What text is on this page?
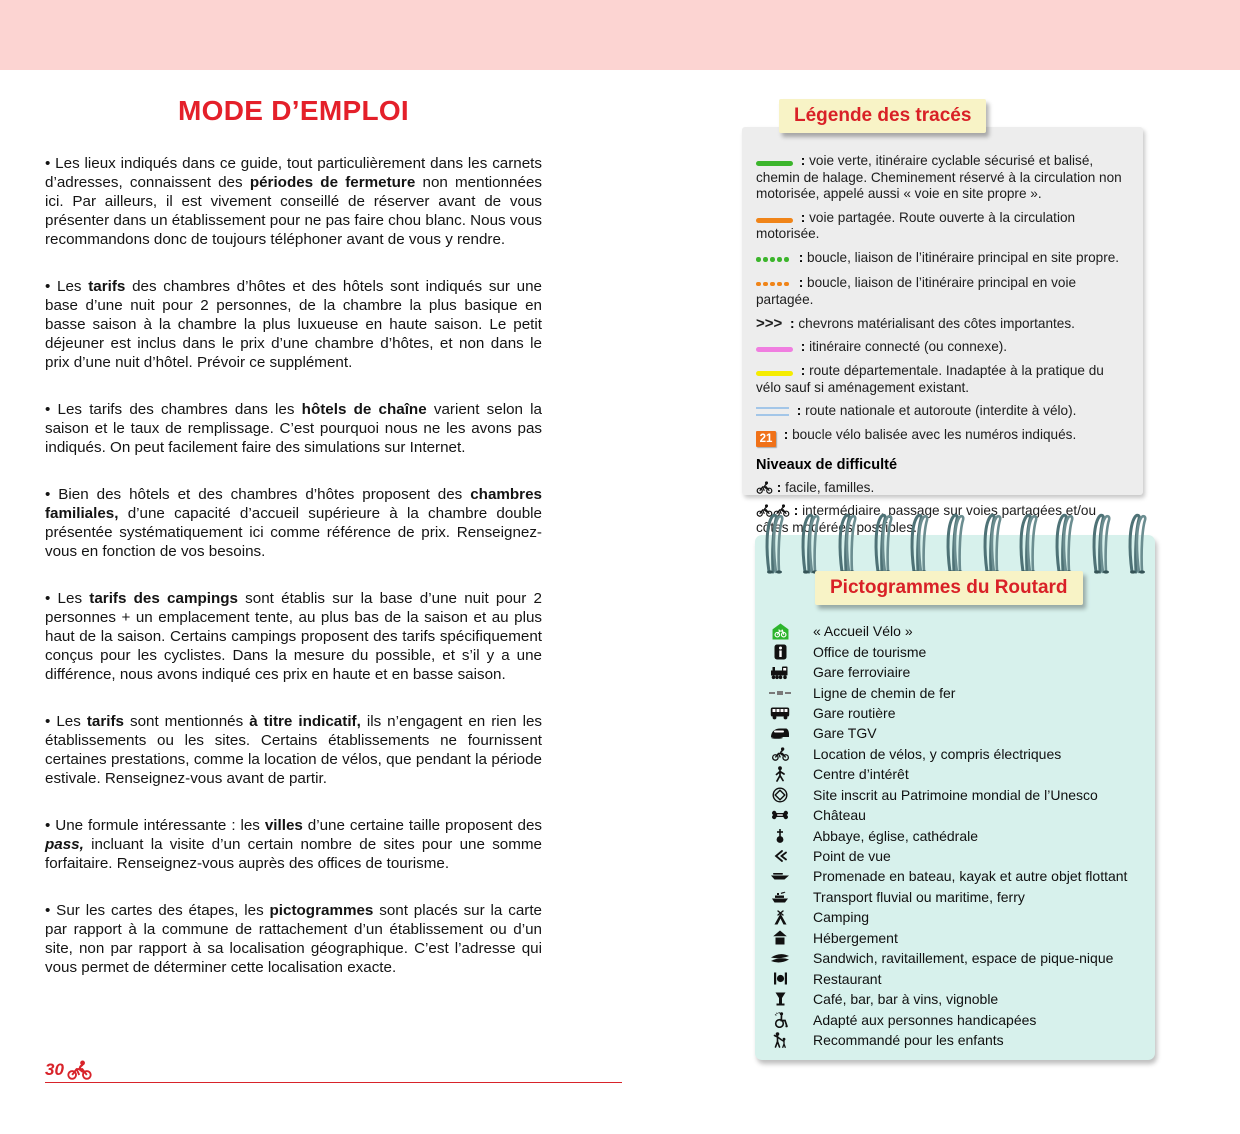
MODE D’EMPLOI

• Les lieux indiqués dans ce guide, tout particulièrement dans les carnets d’adresses, connaissent des périodes de fermeture non mentionnées ici. Par ailleurs, il est vivement conseillé de réserver avant de vous présenter dans un établissement pour ne pas faire chou blanc. Nous vous recommandons donc de toujours téléphoner avant de vous y rendre.

• Les tarifs des chambres d’hôtes et des hôtels sont indiqués sur une base d’une nuit pour 2 personnes, de la chambre la plus basique en basse saison à la chambre la plus luxueuse en haute saison. Le petit déjeuner est inclus dans le prix d’une chambre d’hôtes, et non dans le prix d’une nuit d’hôtel. Prévoir ce supplément.

• Les tarifs des chambres dans les hôtels de chaîne varient selon la saison et le taux de remplissage. C’est pourquoi nous ne les avons pas indiqués. On peut facilement faire des simulations sur Internet.

• Bien des hôtels et des chambres d’hôtes proposent des chambres familiales, d’une capacité d’accueil supérieure à la chambre double présentée systématiquement ici comme référence de prix. Renseignez-vous en fonction de vos besoins.

• Les tarifs des campings sont établis sur la base d’une nuit pour 2 personnes + un emplacement tente, au plus bas de la saison et au plus haut de la saison. Certains campings proposent des tarifs spécifiquement conçus pour les cyclistes. Dans la mesure du possible, et s’il y a une différence, nous avons indiqué ces prix en haute et en basse saison.

• Les tarifs sont mentionnés à titre indicatif, ils n’engagent en rien les établissements ou les sites. Certains établissements ne fournissent certaines prestations, comme la location de vélos, que pendant la période estivale. Renseignez-vous avant de partir.

• Une formule intéressante : les villes d’une certaine taille proposent des pass, incluant la visite d’un certain nombre de sites pour une somme forfaitaire. Renseignez-vous auprès des offices de tourisme.

• Sur les cartes des étapes, les pictogrammes sont placés sur la carte par rapport à la commune de rattachement d’un établissement ou d’un site, non par rapport à sa localisation géographique. C’est l’adresse qui vous permet de déterminer cette localisation exacte.

Légende des tracés
: voie verte, itinéraire cyclable sécurisé et balisé, chemin de halage. Cheminement réservé à la circulation non motorisée, appelé aussi « voie en site propre ».
: voie partagée. Route ouverte à la circulation motorisée.
: boucle, liaison de l’itinéraire principal en site propre.
: boucle, liaison de l’itinéraire principal en voie partagée.
>>> : chevrons matérialisant des côtes importantes.
: itinéraire connecté (ou connexe).
: route départementale. Inadaptée à la pratique du vélo sauf si aménagement existant.
: route nationale et autoroute (interdite à vélo).
21 : boucle vélo balisée avec les numéros indiqués.
Niveaux de difficulté
: facile, familles.
: intermédiaire, passage sur voies partagées et/ou côtes modérées possibles.
Pictogrammes du Routard
« Accueil Vélo »
Office de tourisme
Gare ferroviaire
Ligne de chemin de fer
Gare routière
Gare TGV
Location de vélos, y compris électriques
Centre d’intérêt
Site inscrit au Patrimoine mondial de l’Unesco
Château
Abbaye, église, cathédrale
Point de vue
Promenade en bateau, kayak et autre objet flottant
Transport fluvial ou maritime, ferry
Camping
Hébergement
Sandwich, ravitaillement, espace de pique-nique
Restaurant
Café, bar, bar à vins, vignoble
Adapté aux personnes handicapées
Recommandé pour les enfants
30
